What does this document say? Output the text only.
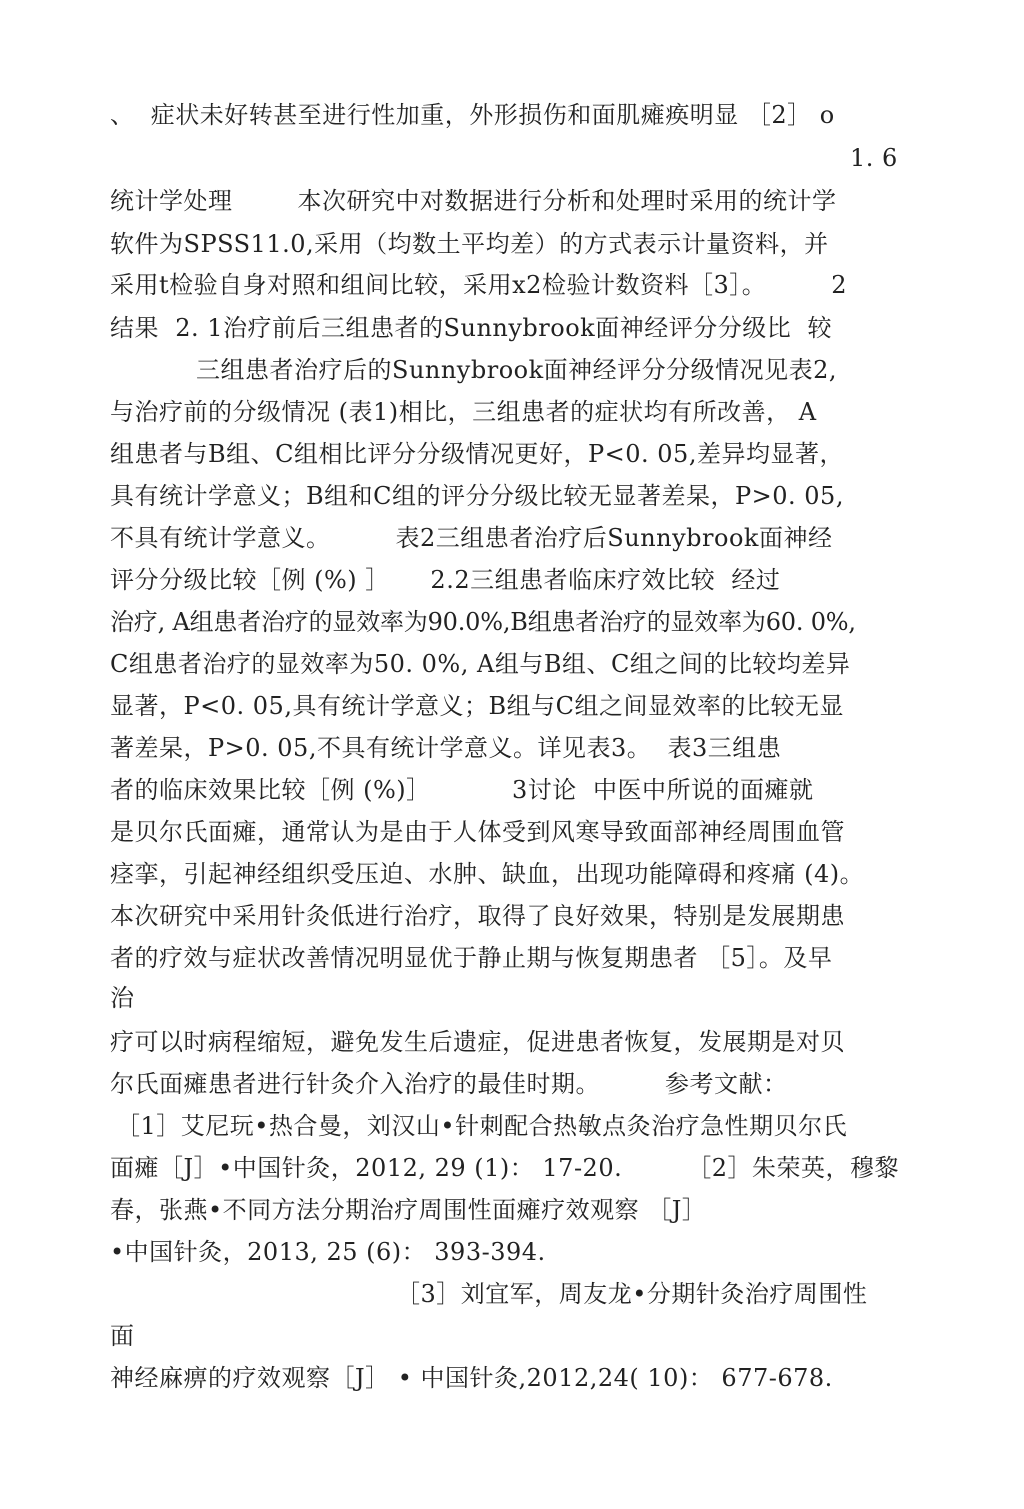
、  症状未好转甚至进行性加重，外形损伤和面肌瘫痪明显 ［2］ o
1. 6
统计学处理        本次研究中对数据进行分析和处理时采用的统计学
软件为SPSS11.0,采用（均数土平均差）的方式表示计量资料，并
采用t检验自身对照和组间比较，采用x2检验计数资料［3］。        2
结果  2. 1治疗前后三组患者的Sunnybrook面神经评分分级比  较
三组患者治疗后的Sunnybrook面神经评分分级情况见表2,
与治疗前的分级情况 (表1)相比，三组患者的症状均有所改善， A
组患者与B组、C组相比评分分级情况更好，P<0. 05,差异均显著，
具有统计学意义；B组和C组的评分分级比较无显著差杲，P>0. 05,
不具有统计学意义。        表2三组患者治疗后Sunnybrook面神经
评分分级比较［例 (%) ］     2.2三组患者临床疗效比较  经过
治疗, A组患者治疗的显效率为90.0%,B组患者治疗的显效率为60. 0%,
C组患者治疗的显效率为50. 0%, A组与B组、C组之间的比较均差异
显著，P<0. 05,具有统计学意义；B组与C组之间显效率的比较无显
著差杲，P>0. 05,不具有统计学意义。详见表3。  表3三组患
者的临床效果比较［例 (%)］          3讨论  中医中所说的面瘫就
是贝尔氏面瘫，通常认为是由于人体受到风寒导致面部神经周围血管
痉挛，引起神经组织受压迫、水肿、缺血，出现功能障碍和疼痛 (4)。
本次研究中采用针灸低进行治疗，取得了良好效果，特别是发展期患
者的疗效与症状改善情况明显优于静止期与恢复期患者 ［5］。及早
治
疗可以时病程缩短，避免发生后遗症，促进患者恢复，发展期是对贝
尔氏面瘫患者进行针灸介入治疗的最佳时期。        参考文献：
［1］艾尼玩•热合曼，刘汉山•针刺配合热敏点灸治疗急性期贝尔氏
面瘫［J］•中国针灸，2012, 29 (1)： 17-20.        ［2］朱荣英，穆黎
春，张燕•不同方法分期治疗周围性面瘫疗效观察 ［J］
•中国针灸，2013, 25 (6)： 393-394.
［3］刘宜军，周友龙•分期针灸治疗周围性
面
神经麻痹的疗效观察［J］ • 中国针灸,2012,24( 10)： 677-678.
